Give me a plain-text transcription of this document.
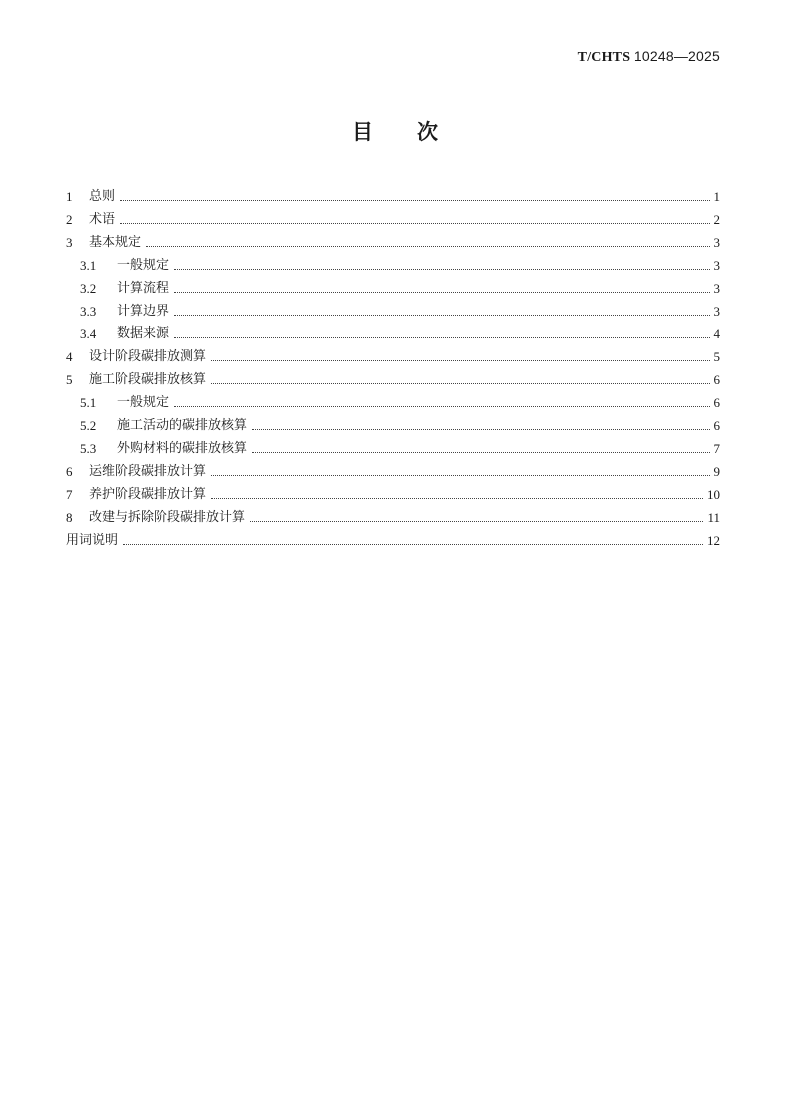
T/CHTS 10248—2025
目 次
1 总则	1
2 术语	2
3 基本规定	3
3.1 一般规定	3
3.2 计算流程	3
3.3 计算边界	3
3.4 数据来源	4
4 设计阶段碳排放测算	5
5 施工阶段碳排放核算	6
5.1 一般规定	6
5.2 施工活动的碳排放核算	6
5.3 外购材料的碳排放核算	7
6 运维阶段碳排放计算	9
7 养护阶段碳排放计算	10
8 改建与拆除阶段碳排放计算	11
用词说明	12
